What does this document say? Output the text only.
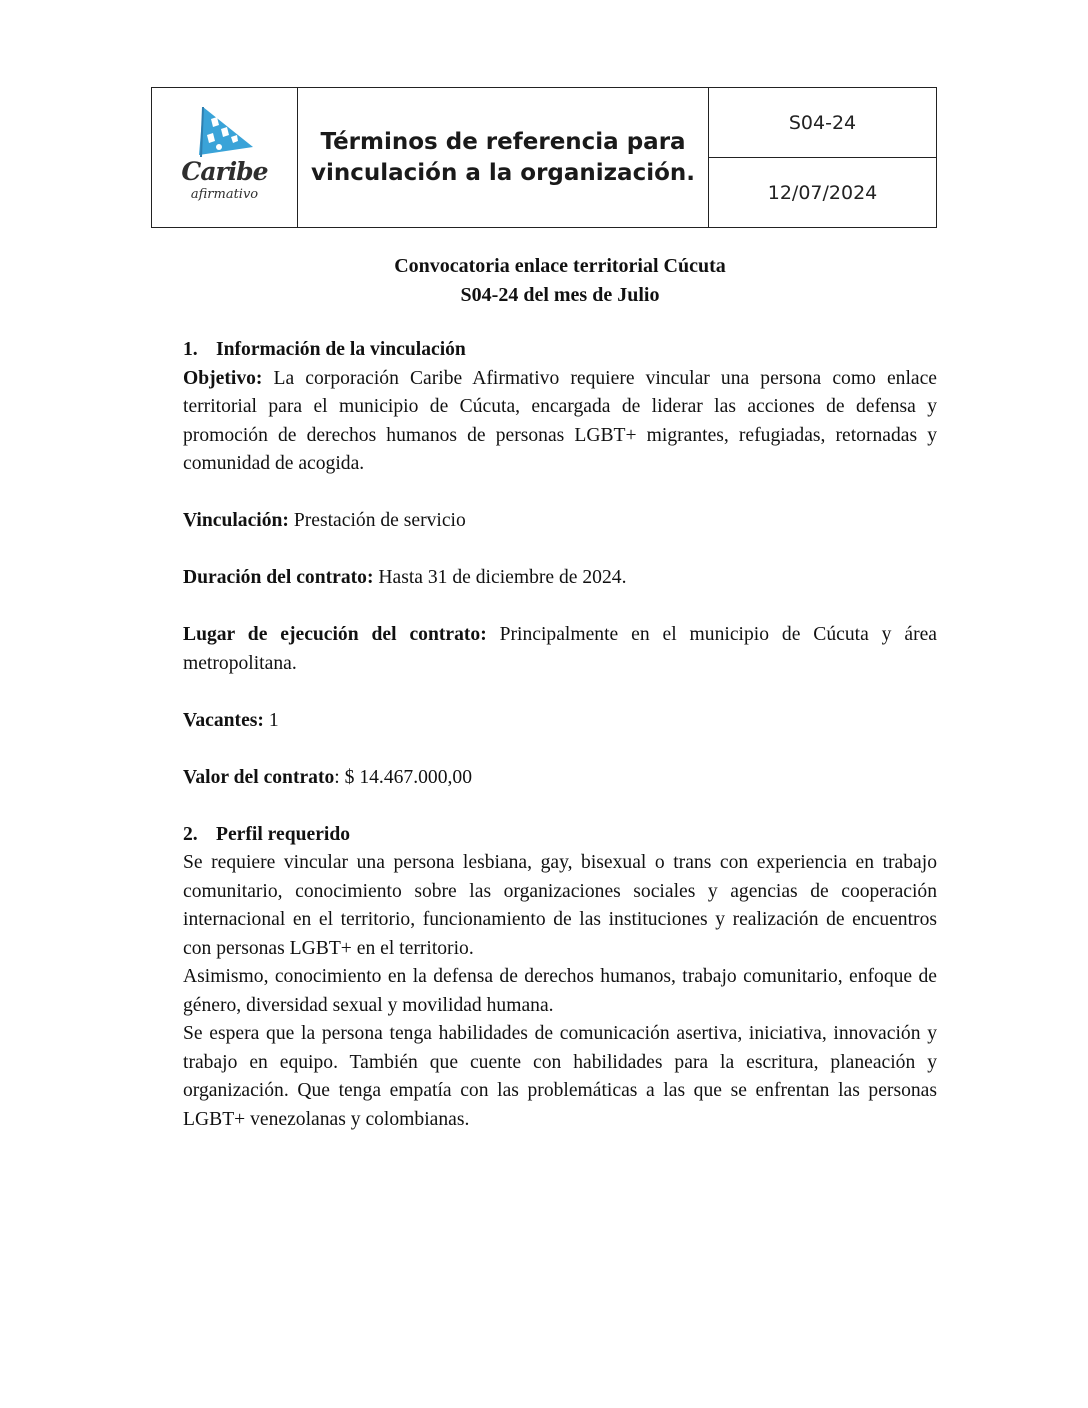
Caribe
afirmativo

Términos de referencia para
vinculación a la organización.
	S04-24
12/07/2024
Convocatoria enlace territorial Cúcuta
S04-24 del mes de Julio

1. Información de la vinculación

Objetivo: La corporación Caribe Afirmativo requiere vincular una persona como enlace territorial para el municipio de Cúcuta, encargada de liderar las acciones de defensa y promoción de derechos humanos de personas LGBT+ migrantes, refugiadas, retornadas y comunidad de acogida.

Vinculación: Prestación de servicio

Duración del contrato: Hasta 31 de diciembre de 2024.

Lugar de ejecución del contrato: Principalmente en el municipio de Cúcuta y área metropolitana.

Vacantes: 1

Valor del contrato: $ 14.467.000,00

2. Perfil requerido

Se requiere vincular una persona lesbiana, gay, bisexual o trans con experiencia en trabajo comunitario, conocimiento sobre las organizaciones sociales y agencias de cooperación internacional en el territorio, funcionamiento de las instituciones y realización de encuentros con personas LGBT+ en el territorio.

Asimismo, conocimiento en la defensa de derechos humanos, trabajo comunitario, enfoque de género, diversidad sexual y movilidad humana.

Se espera que la persona tenga habilidades de comunicación asertiva, iniciativa, innovación y trabajo en equipo. También que cuente con habilidades para la escritura, planeación y organización. Que tenga empatía con las problemáticas a las que se enfrentan las personas LGBT+ venezolanas y colombianas.
